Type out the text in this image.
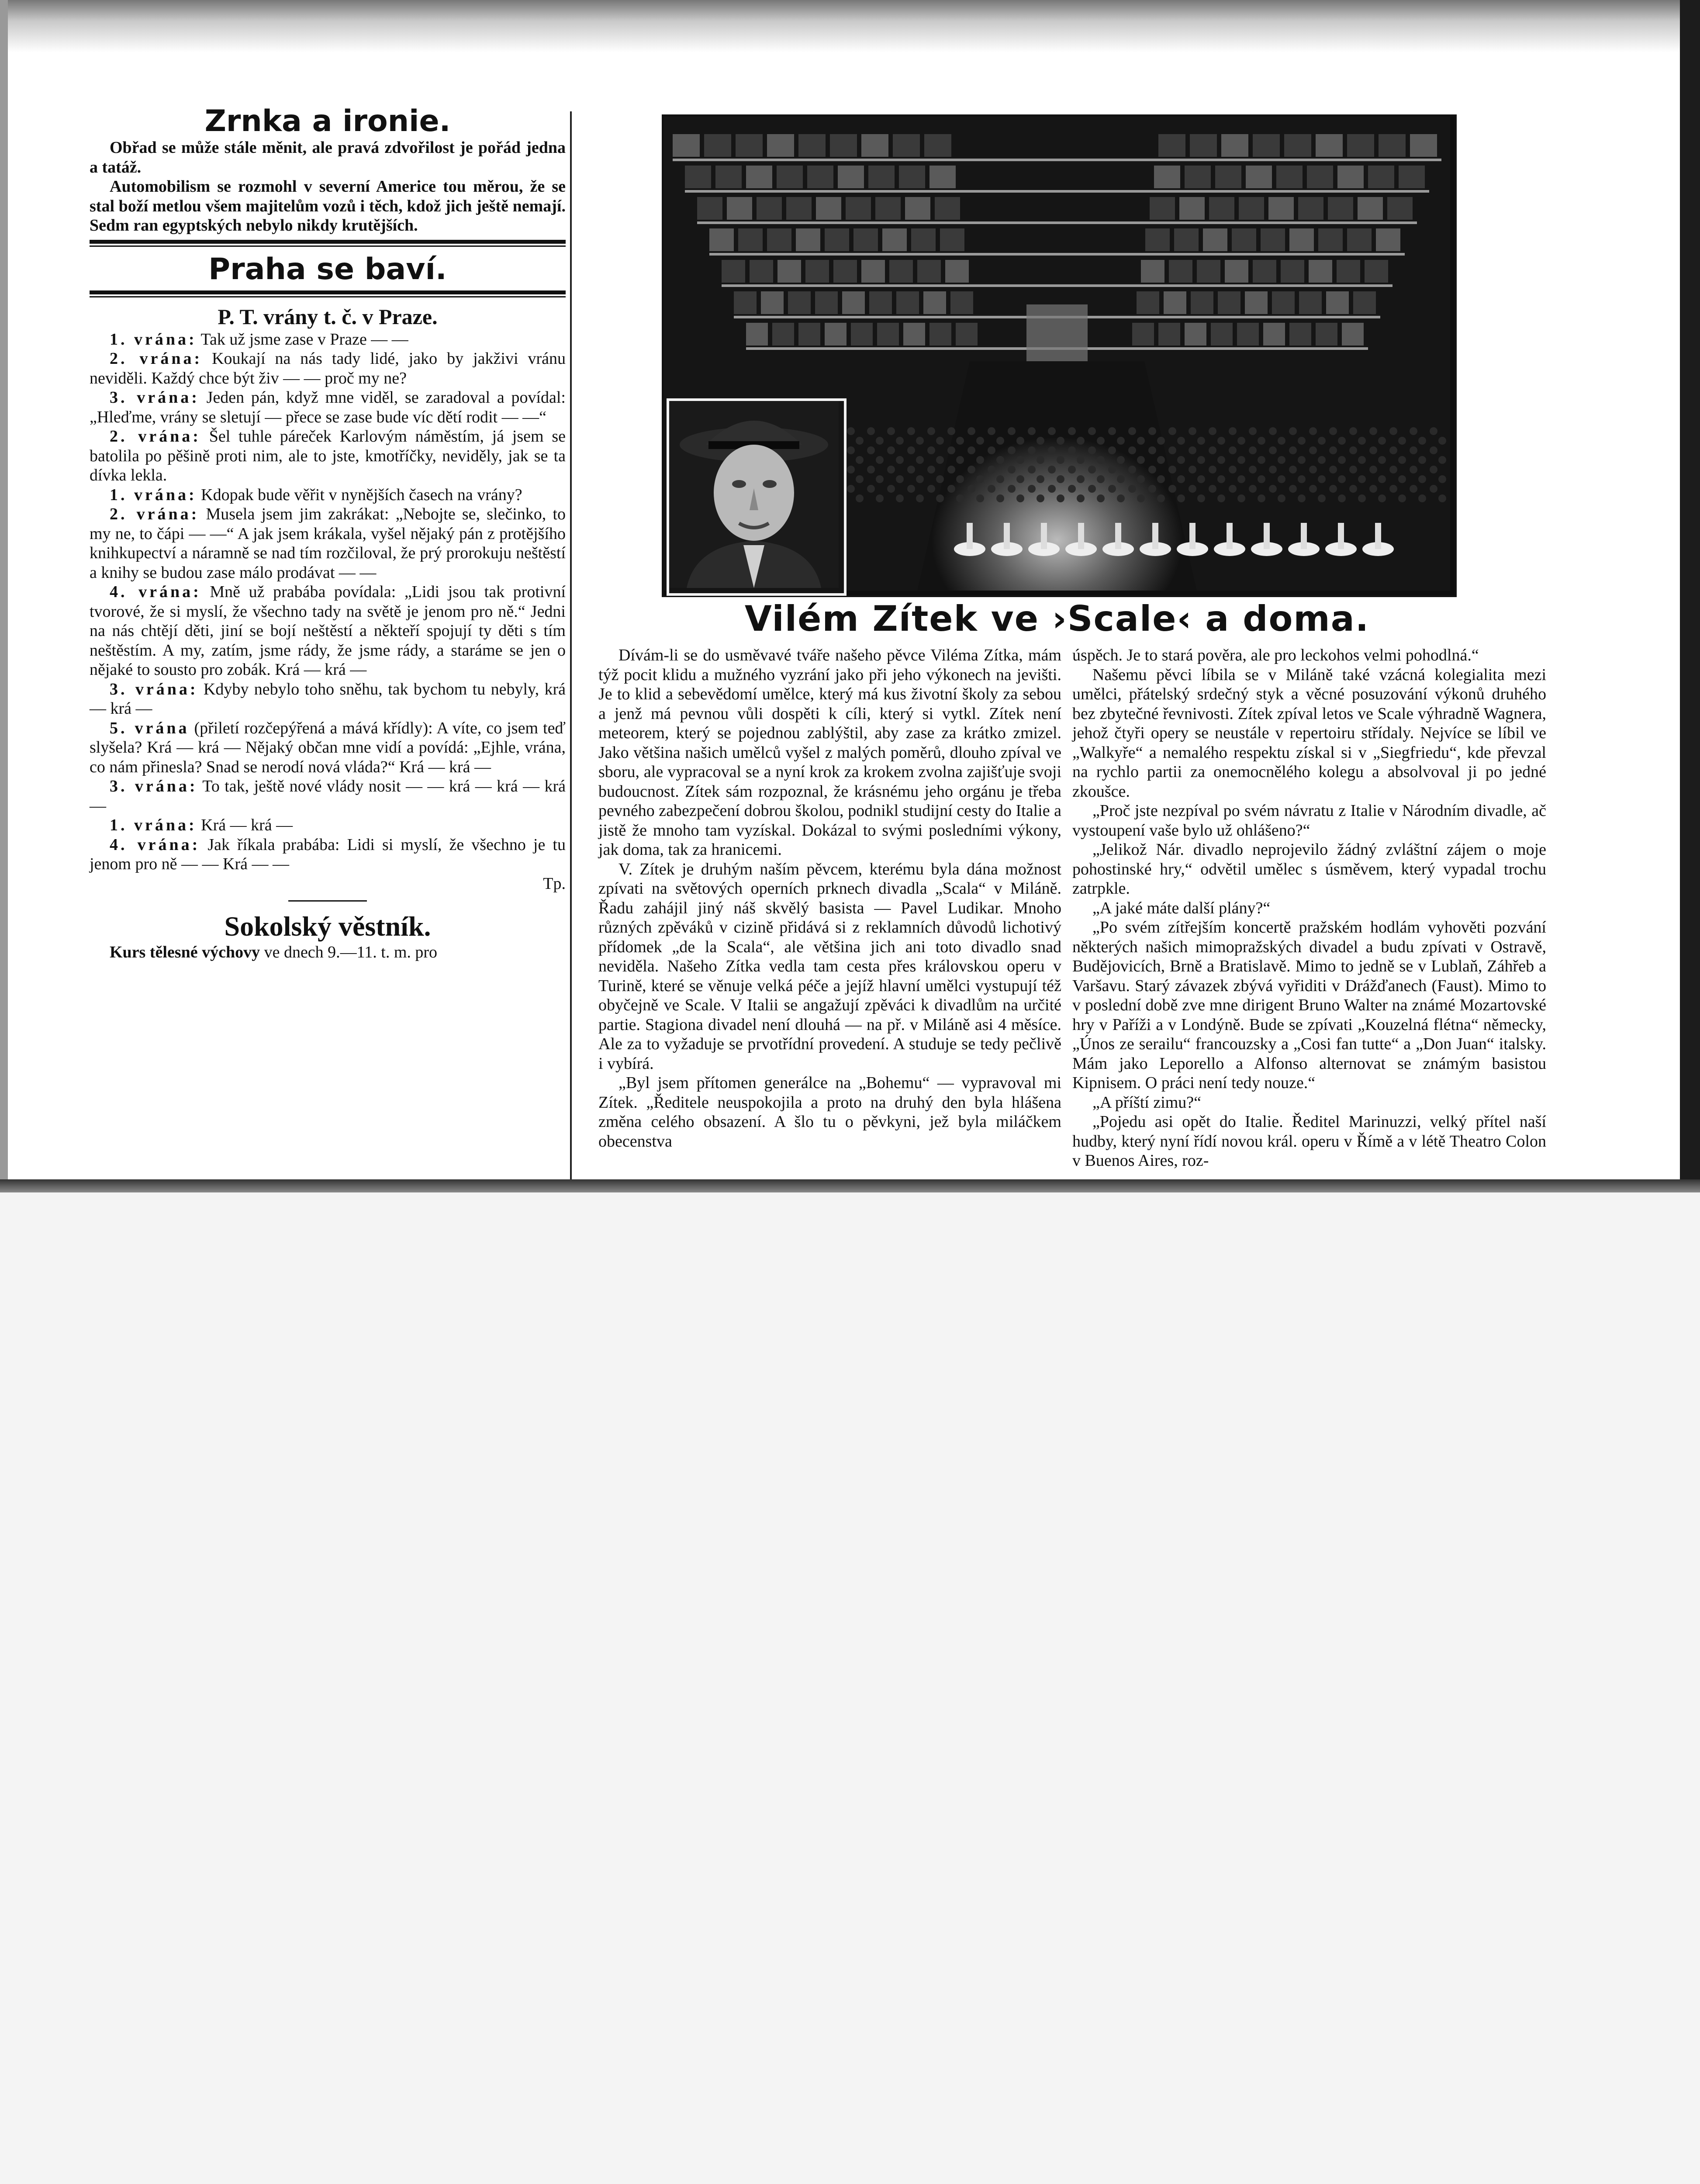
Zrnka a ironie.

Obřad se může stále měnit, ale pravá zdvořilost je pořád jedna a tatáž.

Automobilism se rozmohl v severní Americe tou měrou, že se stal boží metlou všem majitelům vozů i těch, kdož jich ještě nemají. Sedm ran egyptských nebylo nikdy krutějších.

Praha se baví.
P. T. vrány t. č. v Praze.

1. vrána: Tak už jsme zase v Praze — —

2. vrána: Koukají na nás tady lidé, jako by jakživi vránu neviděli. Každý chce být živ — — proč my ne?

3. vrána: Jeden pán, když mne viděl, se zaradoval a povídal: „Hleďme, vrány se sletují — přece se zase bude víc dětí rodit — —“

2. vrána: Šel tuhle páreček Karlovým náměstím, já jsem se batolila po pěšině proti nim, ale to jste, kmotříčky, neviděly, jak se ta dívka lekla.

1. vrána: Kdopak bude věřit v nynějších časech na vrány?

2. vrána: Musela jsem jim zakrákat: „Nebojte se, slečinko, to my ne, to čápi — —“ A jak jsem krákala, vyšel nějaký pán z protějšího knihkupectví a náramně se nad tím rozčiloval, že prý prorokuju neštěstí a knihy se budou zase málo prodávat — —

4. vrána: Mně už prabába povídala: „Lidi jsou tak protivní tvorové, že si myslí, že všechno tady na světě je jenom pro ně.“ Jedni na nás chtějí děti, jiní se bojí neštěstí a někteří spojují ty děti s tím neštěstím. A my, zatím, jsme rády, že jsme rády, a staráme se jen o nějaké to sousto pro zobák. Krá — krá —

3. vrána: Kdyby nebylo toho sněhu, tak bychom tu nebyly, krá — krá —

5. vrána (přiletí rozčepýřená a mává křídly): A víte, co jsem teď slyšela? Krá — krá — Nějaký občan mne vidí a povídá: „Ejhle, vrána, co nám přinesla? Snad se nerodí nová vláda?“ Krá — krá —

3. vrána: To tak, ještě nové vlády nosit — — krá — krá — krá —

1. vrána: Krá — krá —

4. vrána: Jak říkala prabába: Lidi si myslí, že všechno je tu jenom pro ně — — Krá — —

Tp.

Sokolský věstník.

Kurs tělesné výchovy ve dnech 9.—11. t. m. pro

Vilém Zítek ve ›Scale‹ a doma.

Dívám-li se do usměvavé tváře našeho pěvce Viléma Zítka, mám týž pocit klidu a mužného vyzrání jako při jeho výkonech na jevišti. Je to klid a sebevědomí umělce, který má kus životní školy za sebou a jenž má pevnou vůli dospěti k cíli, který si vytkl. Zítek není meteorem, který se pojednou zablýštil, aby zase za krátko zmizel. Jako většina našich umělců vyšel z malých poměrů, dlouho zpíval ve sboru, ale vypracoval se a nyní krok za krokem zvolna zajišťuje svoji budoucnost. Zítek sám rozpoznal, že krásnému jeho orgánu je třeba pevného zabezpečení dobrou školou, podnikl studijní cesty do Italie a jistě že mnoho tam vyzískal. Dokázal to svými posledními výkony, jak doma, tak za hranicemi.

V. Zítek je druhým naším pěvcem, kterému byla dána možnost zpívati na světových operních prknech divadla „Scala“ v Miláně. Řadu zahájil jiný náš skvělý basista — Pavel Ludikar. Mnoho různých zpěváků v cizině přidává si z reklamních důvodů lichotivý přídomek „de la Scala“, ale většina jich ani toto divadlo snad neviděla. Našeho Zítka vedla tam cesta přes královskou operu v Turině, které se věnuje velká péče a jejíž hlavní umělci vystupují též obyčejně ve Scale. V Italii se angažují zpěváci k divadlům na určité partie. Stagiona divadel není dlouhá — na př. v Miláně asi 4 měsíce. Ale za to vyžaduje se prvotřídní provedení. A studuje se tedy pečlivě i vybírá.

„Byl jsem přítomen generálce na „Bohemu“ — vypravoval mi Zítek. „Ředitele neuspokojila a proto na druhý den byla hlášena změna celého obsazení. A šlo tu o pěvkyni, jež byla miláčkem obecenstva

úspěch. Je to stará pověra, ale pro leckohos velmi pohodlná.“

Našemu pěvci líbila se v Miláně také vzácná kolegialita mezi umělci, přátelský srdečný styk a věcné posuzování výkonů druhého bez zbytečné řevnivosti. Zítek zpíval letos ve Scale výhradně Wagnera, jehož čtyři opery se neustále v repertoiru střídaly. Nejvíce se líbil ve „Walkyře“ a nemalého respektu získal si v „Siegfriedu“, kde převzal na rychlo partii za onemocnělého kolegu a absolvoval ji po jedné zkoušce.

„Proč jste nezpíval po svém návratu z Italie v Národním divadle, ač vystoupení vaše bylo už ohlášeno?“

„Jelikož Nár. divadlo neprojevilo žádný zvláštní zájem o moje pohostinské hry,“ odvětil umělec s úsměvem, který vypadal trochu zatrpkle.

„A jaké máte další plány?“

„Po svém zítřejším koncertě pražském hodlám vyhověti pozvání některých našich mimopražských divadel a budu zpívati v Ostravě, Budějovicích, Brně a Bratislavě. Mimo to jedně se v Lublaň, Záhřeb a Varšavu. Starý závazek zbývá vyřiditi v Drážďanech (Faust). Mimo to v poslední době zve mne dirigent Bruno Walter na známé Mozartovské hry v Paříži a v Londýně. Bude se zpívati „Kouzelná flétna“ německy, „Únos ze serailu“ francouzsky a „Cosi fan tutte“ a „Don Juan“ italsky. Mám jako Leporello a Alfonso alternovat se známým basistou Kipnisem. O práci není tedy nouze.“

„A příští zimu?“

„Pojedu asi opět do Italie. Ředitel Marinuzzi, velký přítel naší hudby, který nyní řídí novou král. operu v Římě a v létě Theatro Colon v Buenos Aires, roz-
